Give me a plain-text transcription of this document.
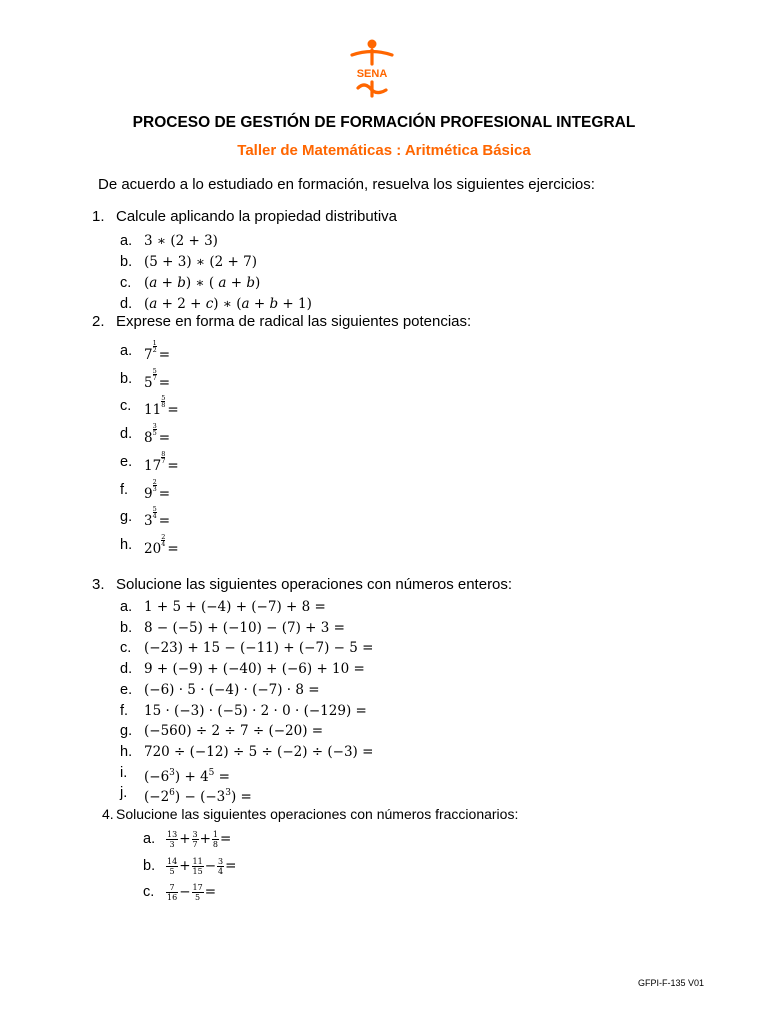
SENA
PROCESO DE GESTIÓN DE FORMACIÓN PROFESIONAL INTEGRAL
Taller de Matemáticas : Aritmética Básica
De acuerdo a lo estudiado en formación, resuelva los siguientes ejercicios:
1. Calcule aplicando la propiedad distributiva
a. 3 ∗ (2 + 3)
b. (5 + 3) ∗ (2 + 7)
c. (𝑎 + 𝑏) ∗ ( 𝑎 + 𝑏)
d. (𝑎 + 2 + 𝑐) ∗ (𝑎 + 𝑏 + 1)
2. Exprese en forma de radical las siguientes potencias:
a. 7
$\frac{1}{2}$
=
b. 5
$\frac{5}{7}$
=
c. 11
$\frac{5}{8}$
=
d. 8
$\frac{3}{5}$
=
e. 17
$\frac{8}{7}$
=
f. 9
$\frac{2}{3}$
=
g. 3
$\frac{5}{4}$
=
h. 20
$\frac{2}{4}$
=
3. Solucione las siguientes operaciones con números enteros:
a. 1 + 5 + (−4) + (−7) + 8 =
b. 8 − (−5) + (−10) − (7) + 3 =
c. (−23) + 15 − (−11) + (−7) − 5 =
d. 9 + (−9) + (−40) + (−6) + 10 =
e. (−6) · 5 · (−4) · (−7) · 8 =
f. 15 · (−3) · (−5) · 2 · 0 · (−129) =
g. (−560) ÷ 2 ÷ 7 ÷ (−20) =
h. 720 ÷ (−12) ÷ 5 ÷ (−2) ÷ (−3) =
i. $(-6^3) + 4^5$ =
j. $(-2^6) - (-3^3)$ =
4. Solucione las siguientes operaciones con números fraccionarios:
a. $\frac{13}{3} + \frac{3}{7} + \frac{1}{8}$ =
b. $\frac{14}{5} + \frac{11}{15} - \frac{3}{4}$ =
c. $\frac{7}{16} - \frac{17}{5}$ =
GFPI-F-135 V01
